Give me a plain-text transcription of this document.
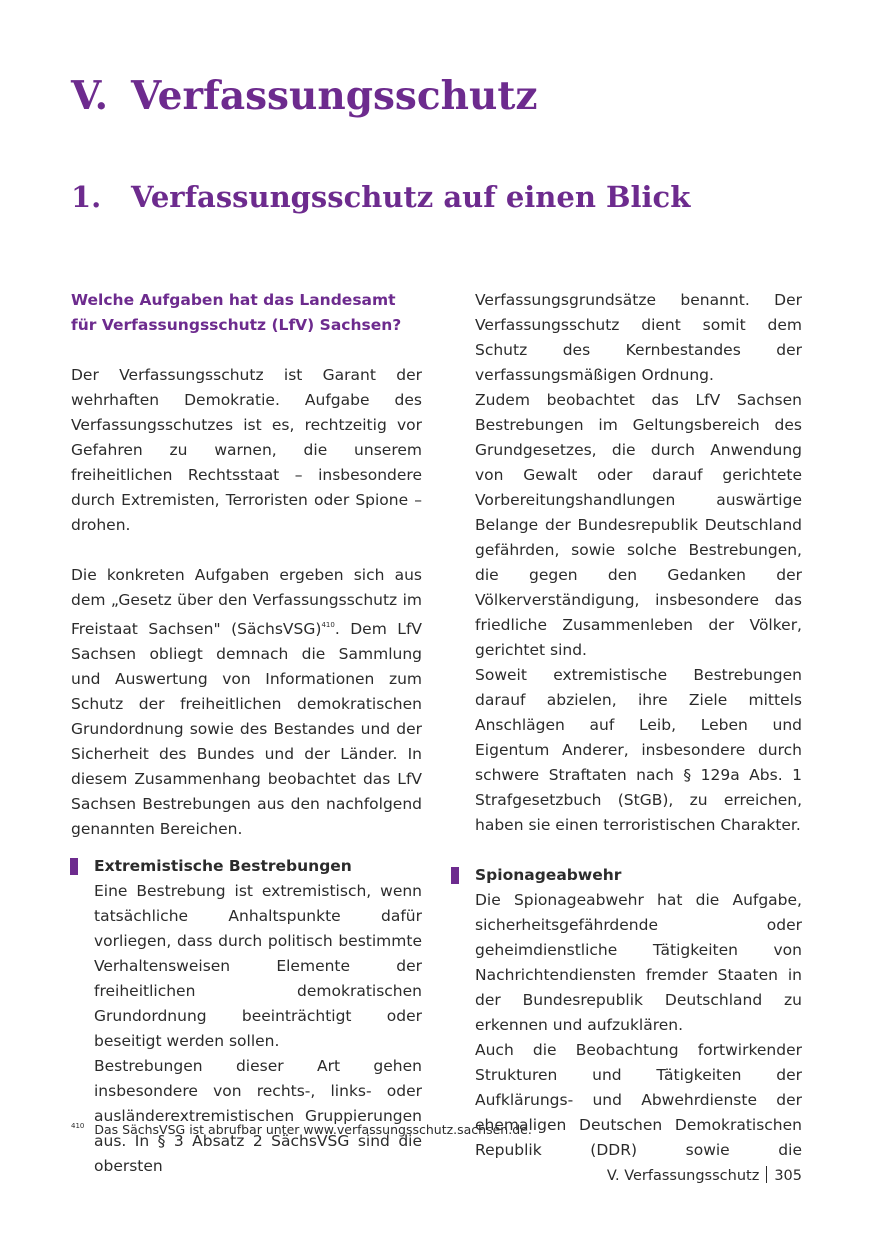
V. Verfassungsschutz
1. Verfassungsschutz auf einen Blick

Welche Aufgaben hat das Landesamt für Verfassungsschutz (LfV) Sachsen?

Der Verfassungsschutz ist Garant der wehrhaften Demokratie. Aufgabe des Verfassungsschutzes ist es, rechtzeitig vor Gefahren zu warnen, die unserem freiheitlichen Rechtsstaat – insbesondere durch Extremisten, Terroristen oder Spione – drohen.

Die konkreten Aufgaben ergeben sich aus dem „Gesetz über den Verfassungsschutz im Freistaat Sachsen" (SächsVSG)$^{410}$. Dem LfV Sachsen obliegt demnach die Sammlung und Auswertung von Informationen zum Schutz der freiheitlichen demokratischen Grundordnung sowie des Bestandes und der Sicherheit des Bundes und der Länder. In diesem Zusammenhang beobachtet das LfV Sachsen Bestrebungen aus den nachfolgend genannten Bereichen.

Extremistische Bestrebungen

Eine Bestrebung ist extremistisch, wenn tatsächliche Anhaltspunkte dafür vorliegen, dass durch politisch bestimmte Verhaltensweisen Elemente der freiheitlichen demokratischen Grundordnung beeinträchtigt oder beseitigt werden sollen.

Bestrebungen dieser Art gehen insbesondere von rechts-, links- oder ausländerextremistischen Gruppierungen aus. In § 3 Absatz 2 SächsVSG sind die obersten

Verfassungsgrundsätze benannt. Der Verfassungsschutz dient somit dem Schutz des Kernbestandes der verfassungsmäßigen Ordnung.

Zudem beobachtet das LfV Sachsen Bestrebungen im Geltungsbereich des Grundgesetzes, die durch Anwendung von Gewalt oder darauf gerichtete Vorbereitungshandlungen auswärtige Belange der Bundesrepublik Deutschland gefährden, sowie solche Bestrebungen, die gegen den Gedanken der Völkerverständigung, insbesondere das friedliche Zusammenleben der Völker, gerichtet sind.

Soweit extremistische Bestrebungen darauf abzielen, ihre Ziele mittels Anschlägen auf Leib, Leben und Eigentum Anderer, insbesondere durch schwere Straftaten nach § 129a Abs. 1 Strafgesetzbuch (StGB), zu erreichen, haben sie einen terroristischen Charakter.

Spionageabwehr

Die Spionageabwehr hat die Aufgabe, sicherheitsgefährdende oder geheimdienstliche Tätigkeiten von Nachrichtendiensten fremder Staaten in der Bundesrepublik Deutschland zu erkennen und aufzuklären.

Auch die Beobachtung fortwirkender Strukturen und Tätigkeiten der Aufklärungs- und Abwehrdienste der ehemaligen Deutschen Demokratischen Republik (DDR) sowie die

$^{410}$ Das SächsVSG ist abrufbar unter www.verfassungsschutz.sachsen.de.
V. Verfassungsschutz 305
